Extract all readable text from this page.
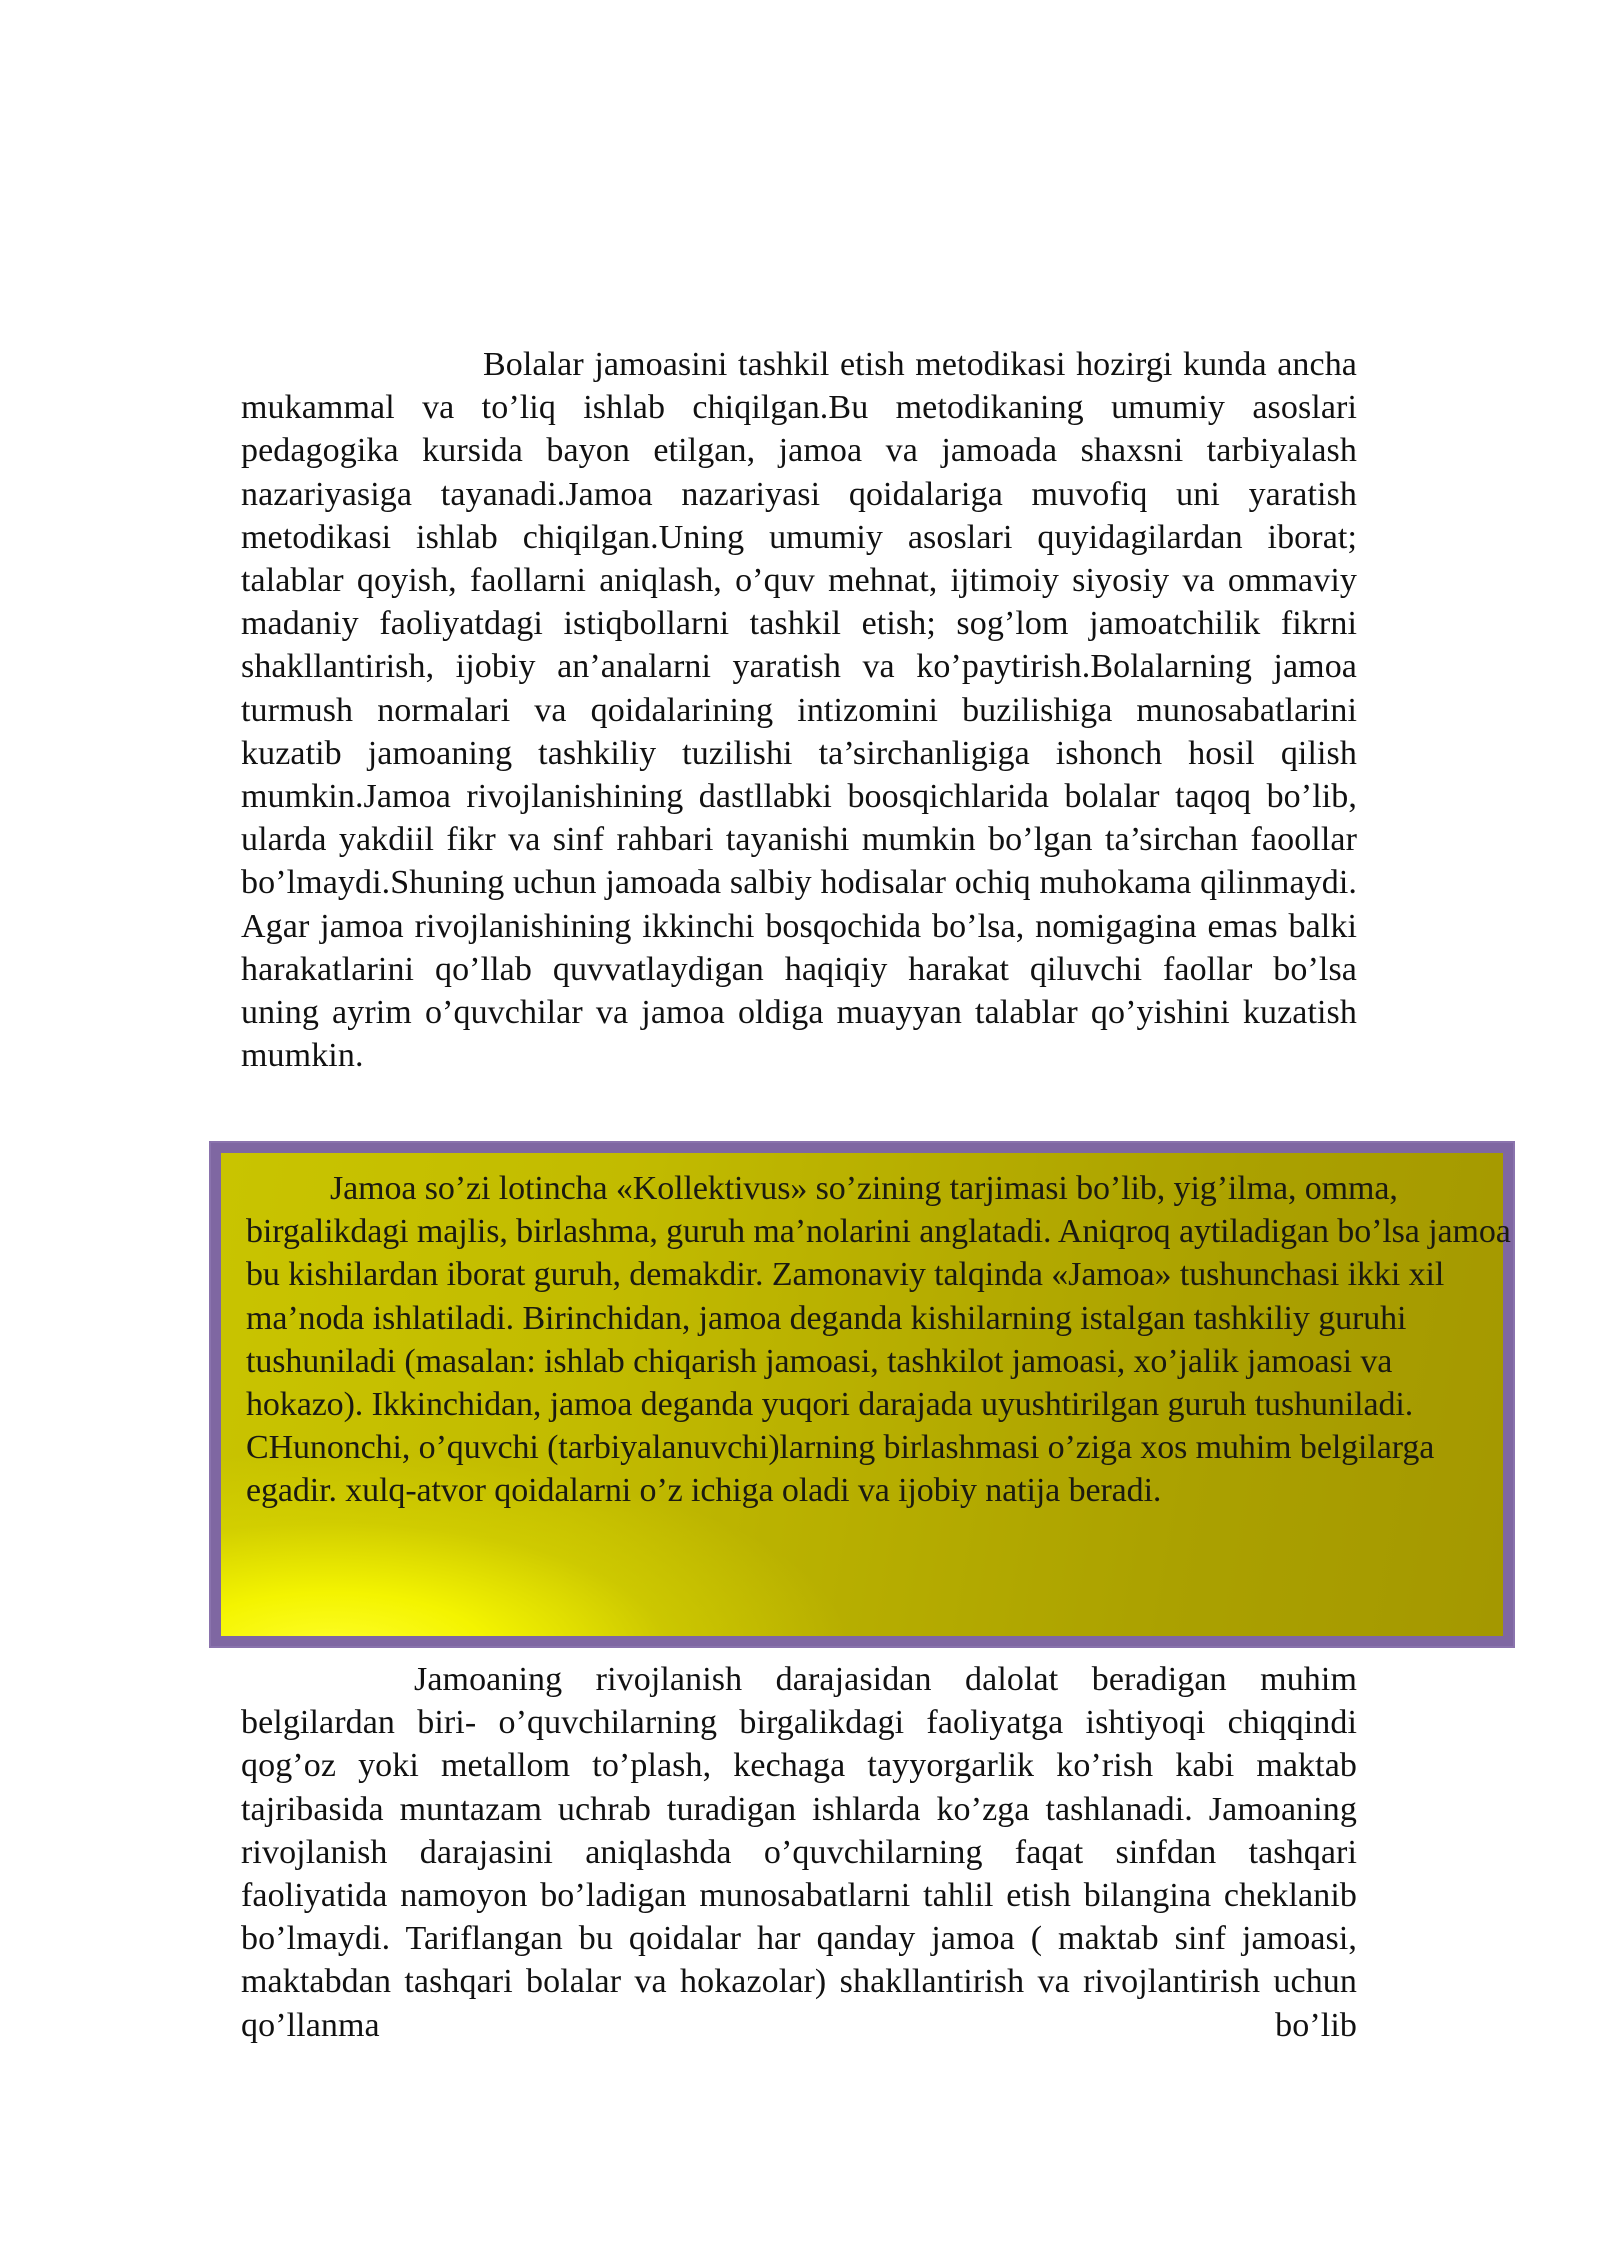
Bolalar jamoasini tashkil etish metodikasi hozirgi kunda ancha mukammal va to’liq ishlab chiqilgan.Bu metodikaning umumiy asoslari pedagogika kursida bayon etilgan, jamoa va jamoada shaxsni tarbiyalash nazariyasiga tayanadi.Jamoa nazariyasi qoidalariga muvofiq uni yaratish metodikasi ishlab chiqilgan.Uning umumiy asoslari quyidagilardan iborat; talablar qoyish, faollarni aniqlash, o’quv mehnat, ijtimoiy siyosiy va ommaviy madaniy faoliyatdagi istiqbollarni tashkil etish; sog’lom jamoatchilik fikrni shakllantirish, ijobiy an’analarni yaratish va ko’paytirish.Bolalarning jamoa turmush normalari va qoidalarining intizomini buzilishiga munosabatlarini kuzatib jamoaning tashkiliy tuzilishi ta’sirchanligiga ishonch hosil qilish mumkin.Jamoa rivojlanishining dastllabki boosqichlarida bolalar taqoq bo’lib, ularda yakdiil fikr va sinf rahbari tayanishi mumkin bo’lgan ta’sirchan faoollar bo’lmaydi.Shuning uchun jamoada salbiy hodisalar ochiq muhokama qilinmaydi. Agar jamoa rivojlanishining ikkinchi bosqochida bo’lsa, nomigagina emas balki harakatlarini qo’llab quvvatlaydigan haqiqiy harakat qiluvchi faollar bo’lsa uning ayrim o’quvchilar va jamoa oldiga muayyan talablar qo’yishini kuzatish mumkin.

Jamoa so’zi lotincha «Kollektivus» so’zining tarjimasi bo’lib, yig’ilma, omma, birgalikdagi majlis, birlashma, guruh ma’nolarini anglatadi. Aniqroq aytiladigan bo’lsa jamoa bu kishilardan iborat guruh, demakdir. Zamonaviy talqinda «Jamoa» tushunchasi ikki xil ma’noda ishlatiladi. Birinchidan, jamoa deganda kishilarning istalgan tashkiliy guruhi tushuniladi (masalan: ishlab chiqarish jamoasi, tashkilot jamoasi, xo’jalik jamoasi va hokazo). Ikkinchidan, jamoa deganda yuqori darajada uyushtirilgan guruh tushuniladi. CHunonchi, o’quvchi (tarbiyalanuvchi)larning birlashmasi o’ziga xos muhim belgilarga egadir. xulq-atvor qoidalarni o’z ichiga oladi va ijobiy natija beradi.

Jamoaning rivojlanish darajasidan dalolat beradigan muhim belgilardan biri- o’quvchilarning birgalikdagi faoliyatga ishtiyoqi chiqqindi qog’oz yoki metallom to’plash, kechaga tayyorgarlik ko’rish kabi maktab tajribasida muntazam uchrab turadigan ishlarda ko’zga tashlanadi. Jamoaning rivojlanish darajasini aniqlashda o’quvchilarning faqat sinfdan tashqari faoliyatida namoyon bo’ladigan munosabatlarni tahlil etish bilangina cheklanib bo’lmaydi. Tariflangan bu qoidalar har qanday jamoa ( maktab sinf jamoasi, maktabdan tashqari bolalar va hokazolar) shakllantirish va rivojlantirish uchun qo’llanma bo’lib
